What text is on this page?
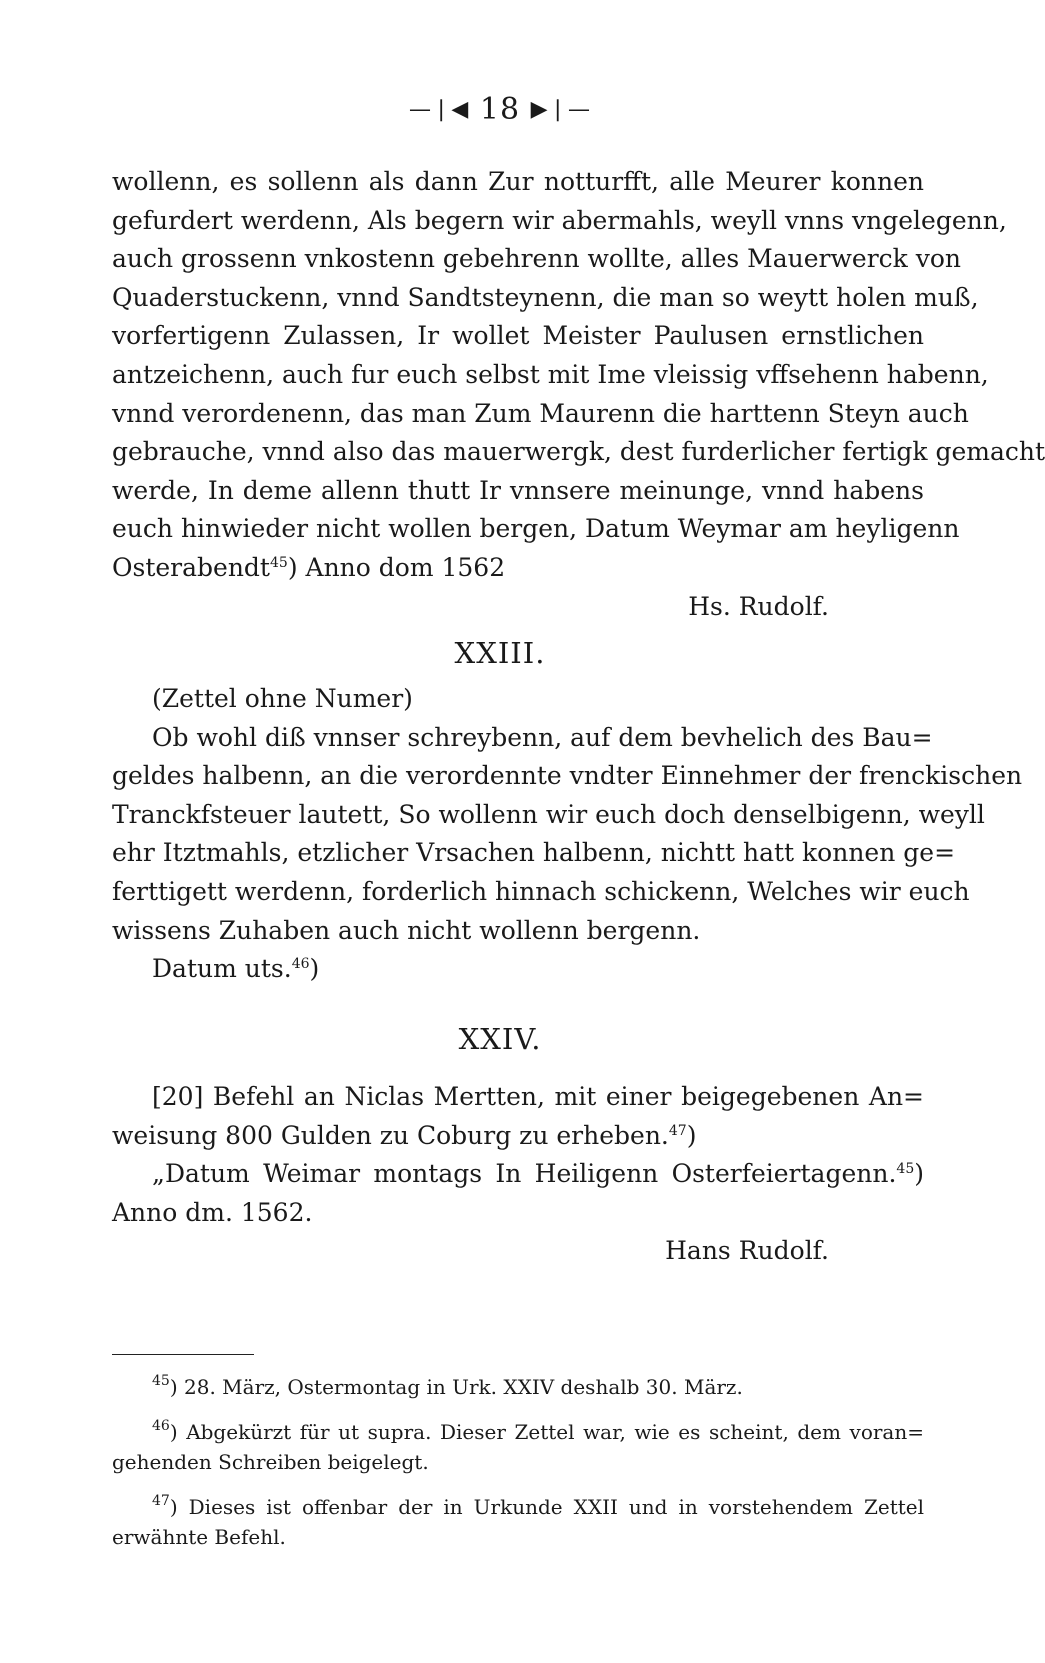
—❘◀ 18 ▶❘—
wollenn, es sollenn als dann Zur notturfft, alle Meurer konnen
gefurdert werdenn, Als begern wir abermahls, weyll vnns vngelegenn,
auch grossenn vnkostenn gebehrenn wollte, alles Mauerwerck von
Quaderstuckenn, vnnd Sandtsteynenn, die man so weytt holen muß,
vorfertigenn Zulassen, Ir wollet Meister Paulusen ernstlichen
antzeichenn, auch fur euch selbst mit Ime vleissig vffsehenn habenn,
vnnd verordenenn, das man Zum Maurenn die harttenn Steyn auch
gebrauche, vnnd also das mauerwergk, dest furderlicher fertigk gemacht
werde, In deme allenn thutt Ir vnnsere meinunge, vnnd habens
euch hinwieder nicht wollen bergen, Datum Weymar am heyligenn
Osterabendt$^{45}$) Anno dom 1562
Hs. Rudolf.
XXIII.
(Zettel ohne Numer)
Ob wohl diß vnnser schreybenn, auf dem bevhelich des Bau=
geldes halbenn, an die verordennte vndter Einnehmer der frenckischen
Tranckfsteuer lautett, So wollenn wir euch doch denselbigenn, weyll
ehr Itztmahls, etzlicher Vrsachen halbenn, nichtt hatt konnen ge=
ferttigett werdenn, forderlich hinnach schickenn, Welches wir euch
wissens Zuhaben auch nicht wollenn bergenn.
Datum uts.$^{46}$)
XXIV.
[20] Befehl an Niclas Mertten, mit einer beigegebenen An=
weisung 800 Gulden zu Coburg zu erheben.$^{47}$)
„Datum Weimar montags In Heiligenn Osterfeiertagenn.$^{45}$)
Anno dm. 1562.
Hans Rudolf.
$^{45}$) 28. März, Ostermontag in Urk. XXIV deshalb 30. März.
$^{46}$) Abgekürzt für ut supra. Dieser Zettel war, wie es scheint, dem voran=
gehenden Schreiben beigelegt.
$^{47}$) Dieses ist offenbar der in Urkunde XXII und in vorstehendem Zettel
erwähnte Befehl.
